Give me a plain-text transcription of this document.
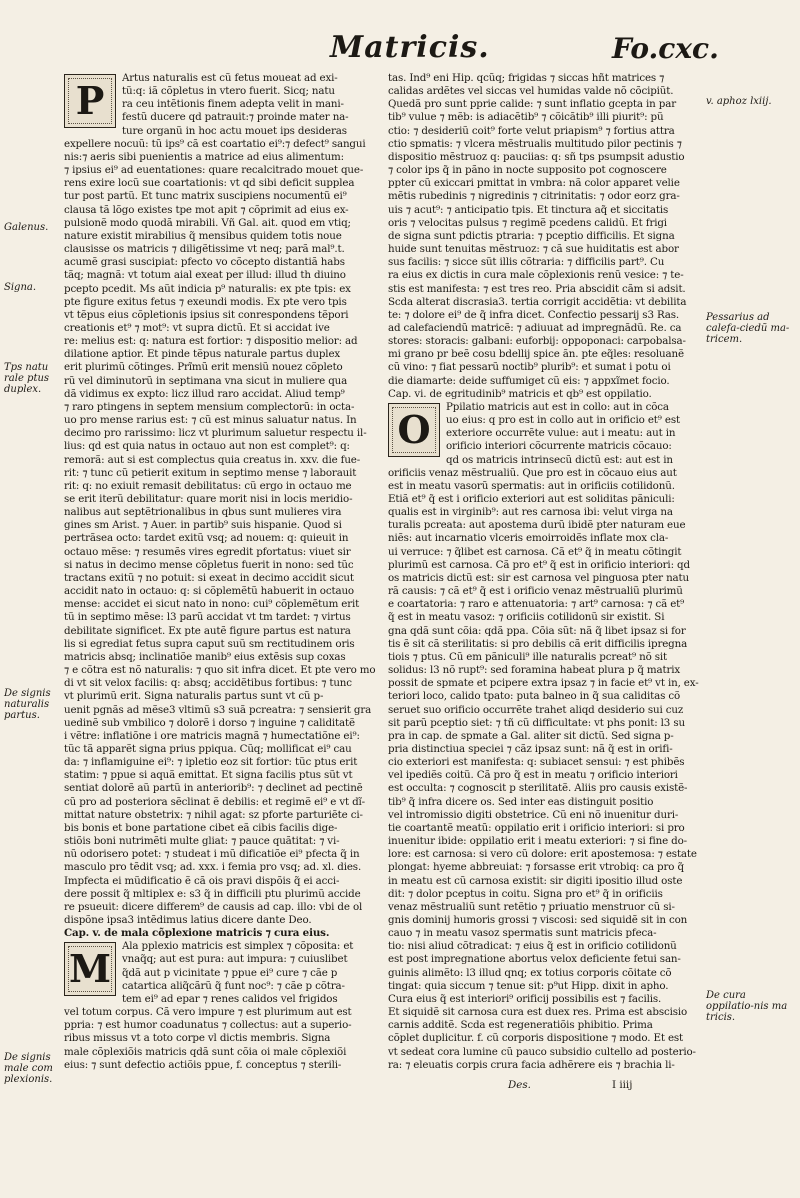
Matricis.	Fo.cxc.
P	Artus naturalis est cũ fetus moueat ad exi-
tũ:q: iã cõpletus in vtero fuerit. Sicq; natu
ra ceu intẽtionis finem adepta velit in mani-
festũ ducere qd patrauit:⁊ proinde mater na-
ture organũ in hoc actu mouet ips desideras
expellere nocuũ: tũ ips⁹ cã est coartatio ei⁹:⁊ defect⁹ sangui
nis:⁊ aeris sibi puenientis a matrice ad eius alimentum:
⁊ ipsius ei⁹ ad euentationes: quare recalcitrado mouet que-
rens exire locũ sue coartationis: vt qd sibi deficit supplea
tur post partũ. Et tunc matrix suscipiens nocumentũ ei⁹
clausa tã lõgo existes tpe mot apit ⁊ cõprimit ad eius ex-
pulsionẽ modo quodã mirabili. Vñ Gal. ait. quod em vtiq;
nature existit mirabilius q̃ mensibus quidem totis noue
clausisse os matricis ⁊ diligẽtissime vt neq; parã mal⁹.t.
acumẽ grasi suscipiat: pfecto vo cõcepto distantiã habs
tãq; magnã: vt totum aial exeat per illud: illud th diuino
pcepto pcedit. Ms aũt indicia p⁹ naturalis: ex pte tpis: ex
pte figure exitus fetus ⁊ exeundi modis. Ex pte vero tpis
vt tẽpus eius cõpletionis ipsius sit conrespondens tẽpori
creationis et⁹ ⁊ mot⁹: vt supra dictũ. Et si accidat ive
re: melius est: q: natura est fortior: ⁊ dispositio melior: ad
dilatione aptior. Et pinde tẽpus naturale partus duplex
erit plurimũ cõtinges. Prĩmũ erit mensiũ nouez cõpleto
rũ vel diminutorũ in septimana vna sicut in muliere qua
dã vidimus ex expto: licz illud raro accidat. Aliud temp⁹
⁊ raro ptingens in septem mensium complectorũ: in octa-
uo pro mense rarius est: ⁊ cũ est minus saluatur natus. In
decimo pro rarissimo: licz vt plurimum saluetur respectu il-
lius: qd est quia natus in octauo aut non est complet⁹: q:
remorã: aut si est complectus quia creatus in. xxv. die fue-
rit: ⁊ tunc cũ petierit exitum in septimo mense ⁊ laborauit
rit: q: no exiuit remasit debilitatus: cũ ergo in octauo me
se erit iterũ debilitatur: quare morit nisi in locis meridio-
nalibus aut septẽtrionalibus in qbus sunt mulieres vira
gines sm Arist. ⁊ Auer. in partib⁹ suis hispanie. Quod si
pertrãsea octo: tardet exitũ vsq; ad nouem: q: quieuit in
octauo mẽse: ⁊ resumẽs vires egredit pfortatus: viuet sir
si natus in decimo mense cõpletus fuerit in nono: sed tũc
tractans exitũ ⁊ no potuit: si exeat in decimo accidit sicut
accidit nato in octauo: q: si cõplemẽtũ habuerit in octauo
mense: accidet ei sicut nato in nono: cui⁹ cõplemẽtum erit
tũ in septimo mẽse: l3 parũ accidat vt tm tardet: ⁊ virtus
debilitate significet. Ex pte autẽ figure partus est natura
lis si egrediat fetus supra caput suũ sm rectitudinem oris
matricis absq; inclinatiõe manib⁹ eius extẽsis sup coxas
⁊ e cõtra est nõ naturalis: ⁊ quo sit infra dicet. Et pte vero mo
di vt sit velox facilis: q: absq; accidẽtibus fortibus: ⁊ tunc
vt plurimũ erit. Signa naturalis partus sunt vt cũ p-
uenit pgnãs ad mẽse3 vltimũ s3 suã pcreatra: ⁊ sensierit gra
uedinẽ sub vmbilico ⁊ dolorẽ i dorso ⁊ inguine ⁊ caliditatẽ
i vẽtre: inflatiõne i ore matricis magnã ⁊ humectatiõne ei⁹:
tũc tã apparẽt signa prius ppiqua. Cũq; mollificat ei⁹ cau
da: ⁊ inflamiguine ei⁹: ⁊ ipletio eoz sit fortior: tũc ptus erit
statim: ⁊ ppue si aquã emittat. Et signa facilis ptus sũt vt
sentiat dolorẽ aũ partũ in anteriorib⁹: ⁊ declinet ad pectinẽ
cũ pro ad posteriora sẽclinat ẽ debilis: et regimẽ ei⁹ e vt dĩ-
mittat nature obstetrix: ⁊ nihil agat: sz pforte parturiẽte ci-
bis bonis et bone partatione cibet eã cibis facilis dige-
stiõis boni nutrimẽti multe gliat: ⁊ pauce quãtitat: ⁊ vi-
nũ odorisero potet: ⁊ studeat i mũ dificatiõe ei⁹ pfecta q̃ in
masculo pro tẽdit vsq; ad. xxx. i femia pro vsq; ad. xl. dies.
Impfecta ei mũdificatio ẽ cã ois pravi dispõis q̃ ei acci-
dere possit q̃ mltiplex e: s3 q̃ in difficili ptu plurimũ accide
re psueuit: dicere differem⁹ de causis ad cap. illo: vbi de ol
dispõne ipsa3 intẽdimus latius dicere dante Deo.

Cap. v. de mala cõplexione matricis ⁊ cura eius.
M	Ala pplexio matricis est simplex ⁊ cõposita: et
vnaq̃q; aut est pura: aut impura: ⁊ cuiuslibet
q̃dã aut p vicinitate ⁊ ppue ei⁹ cure ⁊ cãe p
catartica aliq̃cãrũ q̃ funt noc⁹: ⁊ cãe p cõtra-
tem ei⁹ ad epar ⁊ renes calidos vel frigidos
vel totum corpus. Cã vero impure ⁊ est plurimum aut est
ppria: ⁊ est humor coadunatus ⁊ collectus: aut a superio-
ribus missus vt a toto corpe vl dictis membris. Signa
male cõplexiõis matricis qdã sunt cõia oi male cõplexiõi
eius: ⁊ sunt defectio actiõis ppue, f. conceptus ⁊ sterili-

tas. Ind⁹ eni Hip. qcũq; frigidas ⁊ siccas hñt matrices ⁊
calidas ardẽtes vel siccas vel humidas valde nõ cõcipiũt.
Quedã pro sunt pprie calide: ⁊ sunt inflatio gcepta in par
tib⁹ vulue ⁊ mẽb: is adiacẽtib⁹ ⁊ cõicãtib⁹ illi piurit⁹: pũ
ctio: ⁊ desideriũ coit⁹ forte velut priapism⁹ ⁊ fortius attra
ctio spmatis: ⁊ vlcera mẽstrualis multitudo pilor pectinis ⁊
dispositio mẽstruoz q: pauciias: q: sñ tps psumpsit adustio
⁊ color ips q̃ in pãno in nocte supposito pot cognoscere
ppter cũ exiccari pmittat in vmbra: nã color apparet velie
mẽtis rubedinis ⁊ nigredinis ⁊ citrinitatis: ⁊ odor eorz gra-
uis ⁊ acut⁹: ⁊ anticipatio tpis. Et tinctura aq̃ et siccitatis
oris ⁊ velocitas pulsus ⁊ regimẽ pcedens calidũ. Et frigi
de signa sunt pdictis ptraria: ⁊ pceptio difficilis. Et signa
huide sunt tenuitas mẽstruoz: ⁊ cã sue huiditatis est abor
sus facilis: ⁊ sicce sũt illis cõtraria: ⁊ difficilis part⁹. Cu
ra eius ex dictis in cura male cõplexionis renũ vesice: ⁊ te-
stis est manifesta: ⁊ est tres reo. Pria abscidit cãm si adsit.
Scda alterat discrasia3. tertia corrigit accidẽtia: vt debilita
te: ⁊ dolore ei⁹ de q̃ infra dicet. Confectio pessarij s3 Ras.
ad calefaciendũ matricẽ: ⁊ adiuuat ad impregnãdũ. Re. ca
stores: storacis: galbani: euforbij: oppoponaci: carpobalsa-
mi grano pr beẽ cosu bdellij spice ãn. pte eq̃les: resoluanẽ
cũ vino: ⁊ fiat pessarũ noctib⁹ plurib⁹: et sumat i potu oi
die diamarte: deide suffumiget cũ eis: ⁊ appxĩmet focio.
Cap. vi. de egritudinib⁹ matricis et qb⁹ est oppilatio.

O	Ppilatio matricis aut est in collo: aut in cõca
uo eius: q pro est in collo aut in orificio et⁹ est
exteriore occurrẽte vulue: aut i meatu: aut in
orificio interiori cõcurrente matricis cõcauo:
qd os matricis intrinsecũ dictũ est: aut est in
orificiis venaz mẽstrualiũ. Que pro est in cõcauo eius aut
est in meatu vasorũ spermatis: aut in orificiis cotilidonũ.
Etiã et⁹ q̃ est i orificio exteriori aut est soliditas pãniculi:
qualis est in virginib⁹: aut res carnosa ibi: velut virga na
turalis pcreata: aut apostema durũ ibidẽ pter naturam eue
niẽs: aut incarnatio vlceris emoirroidẽs inflate mox cla-
ui verruce: ⁊ q̃libet est carnosa. Cã et⁹ q̃ in meatu cõtingit
plurimũ est carnosa. Cã pro et⁹ q̃ est in orificio interiori: qd
os matricis dictũ est: sir est carnosa vel pinguosa pter natu
rã causis: ⁊ cã et⁹ q̃ est i orificio venaz mẽstrualiũ plurimũ
e coartatoria: ⁊ raro e attenuatoria: ⁊ art⁹ carnosa: ⁊ cã et⁹
q̃ est in meatu vasoz: ⁊ orificiis cotilidonũ sir existit. Si
gna qdã sunt cõia: qdã ppa. Cõia sũt: nã q̃ libet ipsaz si for
tis ẽ sit cã sterilitatis: si pro debilis cã erit difficilis ipregna
tiois ⁊ ptus. Cũ em pãniculi⁹ ille naturalis pcreat⁹ nõ sit
solidus: l3 nõ rupt⁹: sed foramina habeat plura p q̃ matrix
possit de spmate et pcipere extra ipsaz ⁊ in facie et⁹ vt in, ex-
teriori loco, calido tpato: puta balneo in q̃ sua caliditas cõ
seruet suo orificio occurrẽte trahet aliqd desiderio sui cuz
sit parũ pceptio siet: ⁊ tñ cũ difficultate: vt phs ponit: l3 su
pra in cap. de spmate a Gal. aliter sit dictũ. Sed signa p-
pria distinctiua speciei ⁊ cãz ipsaz sunt: nã q̃ est in orifi-
cio exteriori est manifesta: q: subiacet sensui: ⁊ est phibẽs
vel ipediẽs coitũ. Cã pro q̃ est in meatu ⁊ orificio interiori
est occulta: ⁊ cognoscit p sterilitatẽ. Aliis pro causis existẽ-
tib⁹ q̃ infra dicere os. Sed inter eas distinguit positio
vel intromissio digiti obstetrice. Cũ eni nõ inuenitur duri-
tie coartantẽ meatũ: oppilatio erit i orificio interiori: si pro
inuenitur ibide: oppilatio erit i meatu exteriori: ⁊ si fine do-
lore: est carnosa: si vero cũ dolore: erit apostemosa: ⁊ estate
plongat: hyeme abbreuiat: ⁊ forsasse erit vtrobiq: ca pro q̃
in meatu est cũ carnosa existit: sir digiti ipositio illud oste
dit: ⁊ dolor pceptus in coitu. Signa pro et⁹ q̃ in orificiis
venaz mẽstrualiũ sunt retẽtio ⁊ priuatio menstruor cũ si-
gnis dominij humoris grossi ⁊ viscosi: sed siquidẽ sit in con
cauo ⁊ in meatu vasoz spermatis sunt matricis pfeca-
tio: nisi aliud cõtradicat: ⁊ eius q̃ est in orificio cotilidonũ
est post impregnatione abortus velox deficiente fetui san-
guinis alimẽto: l3 illud qnq; ex totius corporis cõitate cõ
tingat: quia siccum ⁊ tenue sit: p⁹ut Hipp. dixit in apho.
Cura eius q̃ est interiori⁹ orificij possibilis est ⁊ facilis.
Et siquidẽ sit carnosa cura est duex res. Prima est abscisio
carnis additẽ. Scda est regeneratiõis phibitio. Prima
cõplet duplicitur. f. cũ corporis dispositione ⁊ modo. Et est
vt sedeat cora lumine cũ pauco subsidio cultello ad posterio-
ra: ⁊ eleuatis corpis crura facia adhẽrere eis ⁊ brachia li-

Galenus.
Signa.
Tps natu rale ptus duplex.
De signis naturalis partus.
De signis male com plexionis.
v. aphoz lxiij.
Pessarius ad calefa-ciedũ ma-tricem.
De cura oppilatio-nis ma tricis.
Des.	I iiij
